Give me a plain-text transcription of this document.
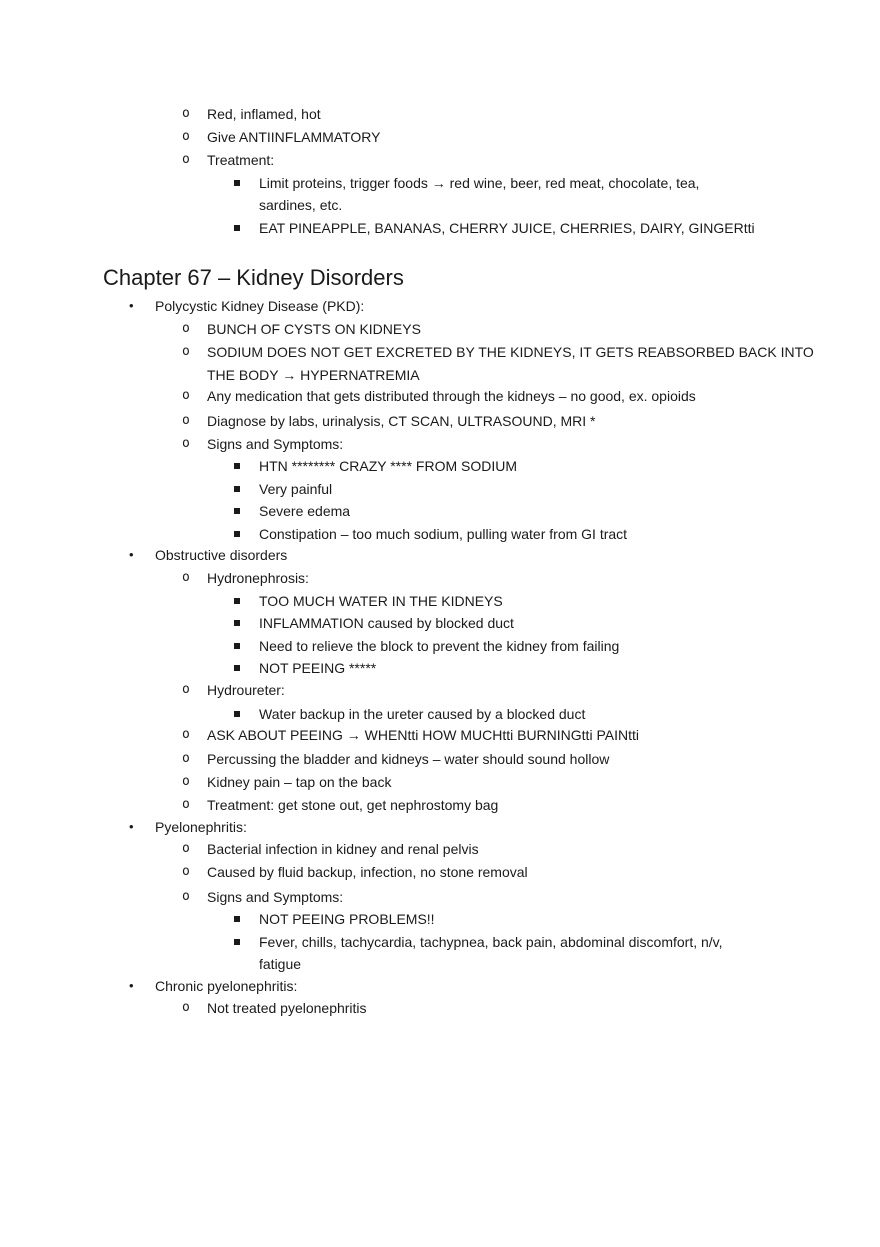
o Red, inflamed, hot
o Give ANTIINFLAMMATORY
o Treatment:
Limit proteins, trigger foods → red wine, beer, red meat, chocolate, tea,
sardines, etc.
EAT PINEAPPLE, BANANAS, CHERRY JUICE, CHERRIES, DAIRY, GINGERtti
Chapter 67 – Kidney Disorders
• Polycystic Kidney Disease (PKD):
o BUNCH OF CYSTS ON KIDNEYS
o SODIUM DOES NOT GET EXCRETED BY THE KIDNEYS, IT GETS REABSORBED BACK INTO
THE BODY → HYPERNATREMIA
o Any medication that gets distributed through the kidneys – no good, ex. opioids
o Diagnose by labs, urinalysis, CT SCAN, ULTRASOUND, MRI *
o Signs and Symptoms:
HTN ******** CRAZY **** FROM SODIUM
Very painful
Severe edema
Constipation – too much sodium, pulling water from GI tract
• Obstructive disorders
o Hydronephrosis:
TOO MUCH WATER IN THE KIDNEYS
INFLAMMATION caused by blocked duct
Need to relieve the block to prevent the kidney from failing
NOT PEEING *****
o Hydroureter:
Water backup in the ureter caused by a blocked duct
o ASK ABOUT PEEING → WHENtti HOW MUCHtti BURNINGtti PAINtti
o Percussing the bladder and kidneys – water should sound hollow
o Kidney pain – tap on the back
o Treatment: get stone out, get nephrostomy bag
• Pyelonephritis:
o Bacterial infection in kidney and renal pelvis
o Caused by fluid backup, infection, no stone removal
o Signs and Symptoms:
NOT PEEING PROBLEMS!!
Fever, chills, tachycardia, tachypnea, back pain, abdominal discomfort, n/v,
fatigue
• Chronic pyelonephritis:
o Not treated pyelonephritis
